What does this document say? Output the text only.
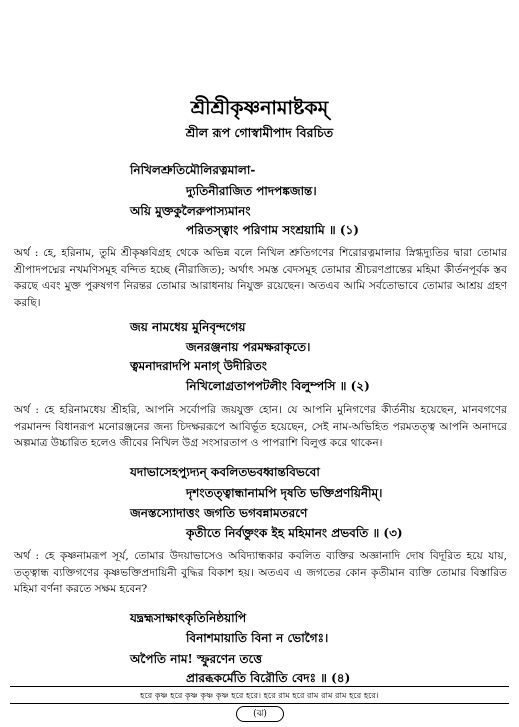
শ্রীশ্রীকৃষ্ণনামাষ্টকম্‌
শ্রীল রূপ গোস্বামীপাদ বিরচিত
নিখিলশ্রুতিমৌলিরত্নমালা-
দ্যুতিনীরাজিত পাদপঙ্কজান্ত।
অয়ি মুক্তকুলৈরুপাস্যমানং
পরিতস্ত্বাং পরিণাম সংশ্রয়ামি ॥ (১)
অর্থ : হে, হরিনাম, তুমি শ্রীকৃষ্ণবিগ্রহ থেকে অভিন্ন বলে নিখিল শ্রুতিগণের শিরোরত্নমালার স্নিগ্ধদ্যুতির দ্বারা তোমার শ্রীপাদপদ্মের নখমণিসমূহ বন্দিত হচ্ছে (নীরাজিত); অর্থাৎ সমস্ত বেদসমূহ তোমার শ্রীচরণপ্রান্তের মহিমা কীর্তনপূর্বক স্তব করছে এবং মুক্ত পুরুষগণ নিরন্তর তোমার আরাধনায় নিযুক্ত রয়েছেন। অতএব আমি সর্বতোভাবে তোমার আশ্রয় গ্রহণ করছি।
জয় নামধেয় মুনিবৃন্দগেয়
জনরঞ্জনায় পরমক্ষরাকৃতে।
ত্বমনাদরাদপি মনাগ্‌ উদীরিতং
নিখিলোগ্রতাপপটলীং বিলুম্পসি ॥ (২)
অর্থ : হে হরিনামধেয় শ্রীহরি, আপনি সর্বোপরি জয়যুক্ত হোন। যে আপনি মুনিগণের কীর্তনীয় হয়েছেন, মানবগণের পরমানন্দ বিধানরূপ মনোরঞ্জনের জন্য চিদক্ষররূপে আবির্ভূত হয়েছেন, সেই নাম-অভিহিত পরমতত্ত্ব আপনি অনাদরে অল্পমাত্র উচ্চারিত হলেও জীবের নিখিল উগ্র সংসারতাপ ও পাপরাশি বিলুপ্ত করে থাকেন।
যদাভাসেহপ্যুদ্যন্‌ কবলিতভবধ্বান্তবিভবো
দৃশংতত্ত্বান্ধানামপি দৃষতি ভক্তিপ্রণয়িনীম্‌।
জনস্তস্যোদাত্তং জগতি ভগবন্নামতরণে
কৃতীতে নির্বক্তুংক ইহ মহিমানং প্রভবতি ॥ (৩)
অর্থ : হে কৃষ্ণনামরূপ সূর্য, তোমার উদয়াভাসেও অবিদ্যান্ধকার কবলিত ব্যক্তির অজ্ঞানাদি দোষ বিদূরিত হয়ে যায়, তত্ত্বান্ধ ব্যক্তিগণের কৃষ্ণভক্তিপ্রদায়িনী বুদ্ধির বিকাশ হয়। অতএব এ জগতের কোন কৃতীমান ব্যক্তি তোমার বিস্তারিত মহিমা বর্ণনা করতে সক্ষম হবেন?
যদ্ব্রহ্মসাক্ষাৎকৃতিনিষ্ঠয়াপি
বিনাশমায়াতি বিনা ন ভোগৈঃ।
অপৈতি নাম! স্ফুরণেন তত্তে
প্রারব্ধকর্মেতি বিরৌতি বেদঃ ॥ (৪)
হরে কৃষ্ণ হরে কৃষ্ণ কৃষ্ণ কৃষ্ণ হরে হরে। হরে রাম হরে রাম রাম রাম হরে হরে।
(ঝ)
